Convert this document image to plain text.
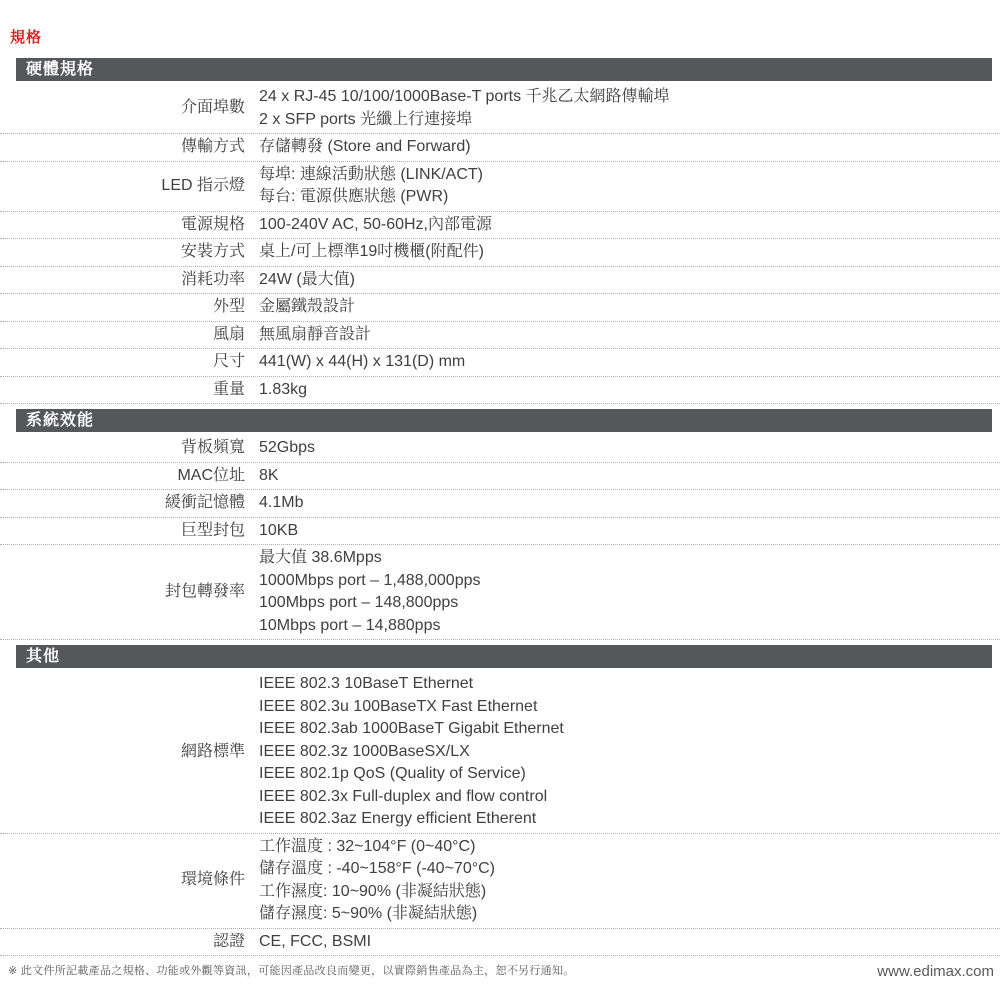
規格
硬體規格
介面埠數
24 x RJ-45 10/100/1000Base-T ports 千兆乙太網路傳輸埠
2 x SFP ports 光纖上行連接埠
傳輸方式 存儲轉發 (Store and Forward)
LED 指示燈
每埠: 連線活動狀態 (LINK/ACT)
每台: 電源供應狀態 (PWR)
電源規格 100-240V AC, 50-60Hz,內部電源
安裝方式 桌上/可上標準19吋機櫃(附配件)
消耗功率 24W (最大值)
外型 金屬鐵殼設計
風扇 無風扇靜音設計
尺寸 441(W) x 44(H) x 131(D) mm
重量 1.83kg
系統效能
背板頻寬 52Gbps
MAC位址 8K
緩衝記憶體 4.1Mb
巨型封包 10KB
封包轉發率
最大值 38.6Mpps
1000Mbps port – 1,488,000pps
100Mbps port – 148,800pps
10Mbps port – 14,880pps
其他
網路標準
IEEE 802.3 10BaseT Ethernet
IEEE 802.3u 100BaseTX Fast Ethernet
IEEE 802.3ab 1000BaseT Gigabit Ethernet
IEEE 802.3z 1000BaseSX/LX
IEEE 802.1p QoS (Quality of Service)
IEEE 802.3x Full-duplex and flow control
IEEE 802.3az Energy efficient Etherent
環境條件
工作溫度 : 32~104°F (0~40°C)
儲存溫度 : -40~158°F (-40~70°C)
工作濕度: 10~90% (非凝結狀態)
儲存濕度: 5~90% (非凝結狀態)
認證 CE, FCC, BSMI
※ 此文件所記載產品之規格、功能或外觀等資訊，可能因產品改良而變更，以實際銷售產品為主，恕不另行通知。	www.edimax.com
